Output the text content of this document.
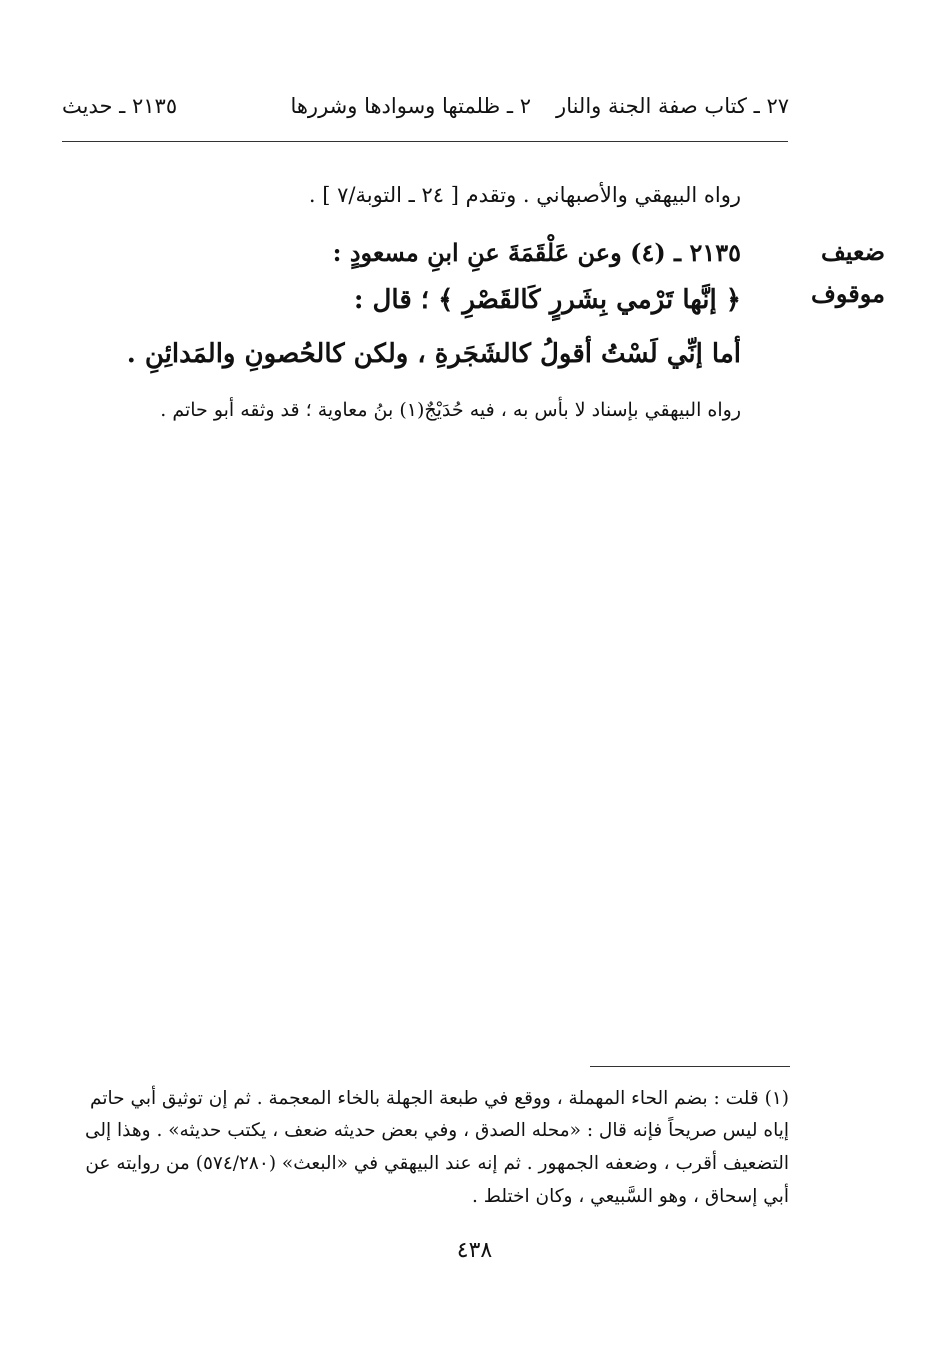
٢٧ ـ كتاب صفة الجنة والنار
٢ ـ ظلمتها وسوادها وشررها
٢١٣٥ ـ حديث
رواه البيهقي والأصبهاني . وتقدم [ ٢٤ ـ التوبة/٧ ] .
٢١٣٥ ـ (٤) وعن عَلْقَمَةَ عنِ ابنِ مسعودٍ :
﴿ إنَّها تَرْمي بِشَررٍ كَالقَصْرِ ﴾ ؛ قال :
أما إنِّي لَسْتُ أقولُ كالشَجَرةِ ، ولكن كالحُصونِ والمَدائِنِ .
رواه البيهقي بإسناد لا بأس به ، فيه حُدَيْجٌ(١) بنُ معاوية ؛ قد وثقه أبو حاتم .
ضعيف
موقوف
(١) قلت : بضم الحاء المهملة ، ووقع في طبعة الجهلة بالخاء المعجمة . ثم إن توثيق أبي حاتم
إياه ليس صريحاً فإنه قال : «محله الصدق ، وفي بعض حديثه ضعف ، يكتب حديثه» . وهذا إلى
التضعيف أقرب ، وضعفه الجمهور . ثم إنه عند البيهقي في «البعث» (٥٧٤/٢٨٠) من روايته عن
أبي إسحاق ، وهو السَّبيعي ، وكان اختلط .
٤٣٨
